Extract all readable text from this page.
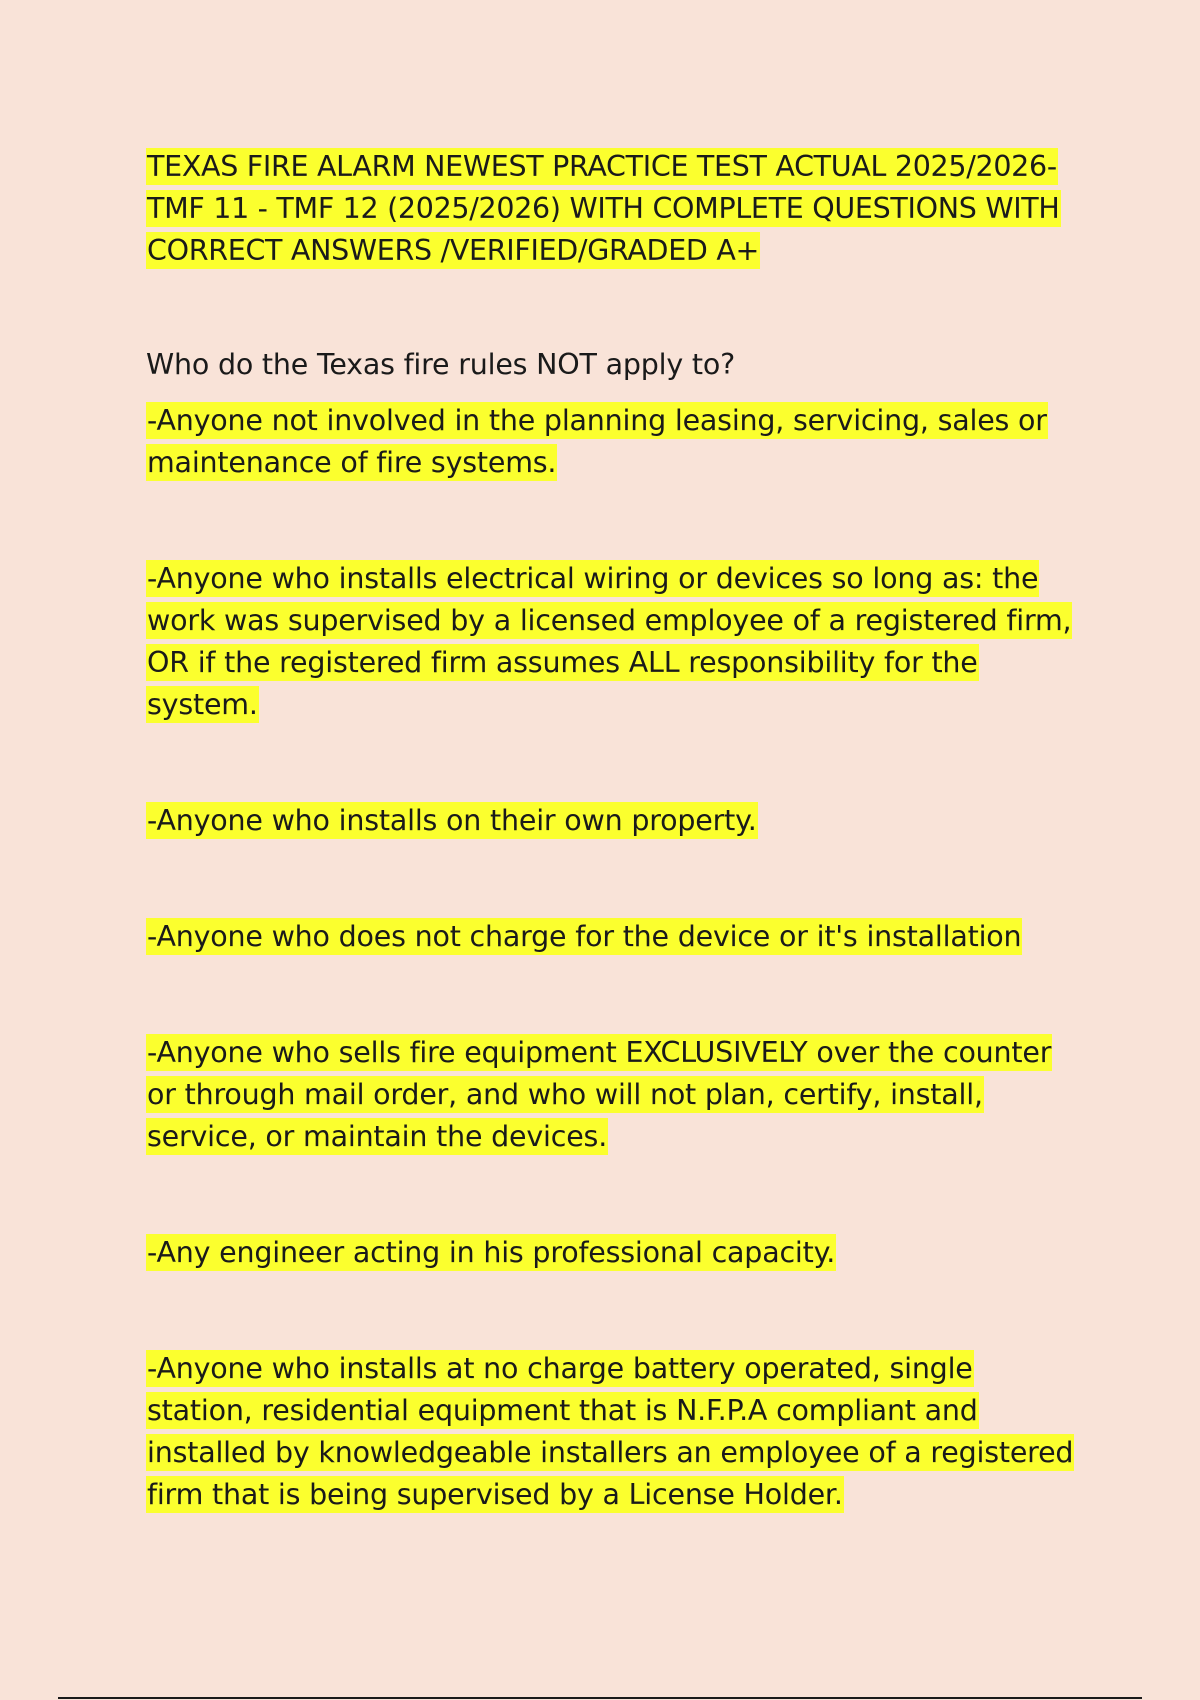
TEXAS FIRE ALARM NEWEST PRACTICE TEST ACTUAL 2025/2026- TMF 11 - TMF 12 (2025/2026) WITH COMPLETE QUESTIONS WITH CORRECT ANSWERS /VERIFIED/GRADED A+

Who do the Texas fire rules NOT apply to?

-Anyone not involved in the planning leasing, servicing, sales or maintenance of fire systems.

-Anyone who installs electrical wiring or devices so long as: the work was supervised by a licensed employee of a registered firm, OR if the registered firm assumes ALL responsibility for the system.

-Anyone who installs on their own property.

-Anyone who does not charge for the device or it's installation

-Anyone who sells fire equipment EXCLUSIVELY over the counter or through mail order, and who will not plan, certify, install, service, or maintain the devices.

-Any engineer acting in his professional capacity.

-Anyone who installs at no charge battery operated, single station, residential equipment that is N.F.P.A compliant and installed by knowledgeable installers an employee of a registered firm that is being supervised by a License Holder.
